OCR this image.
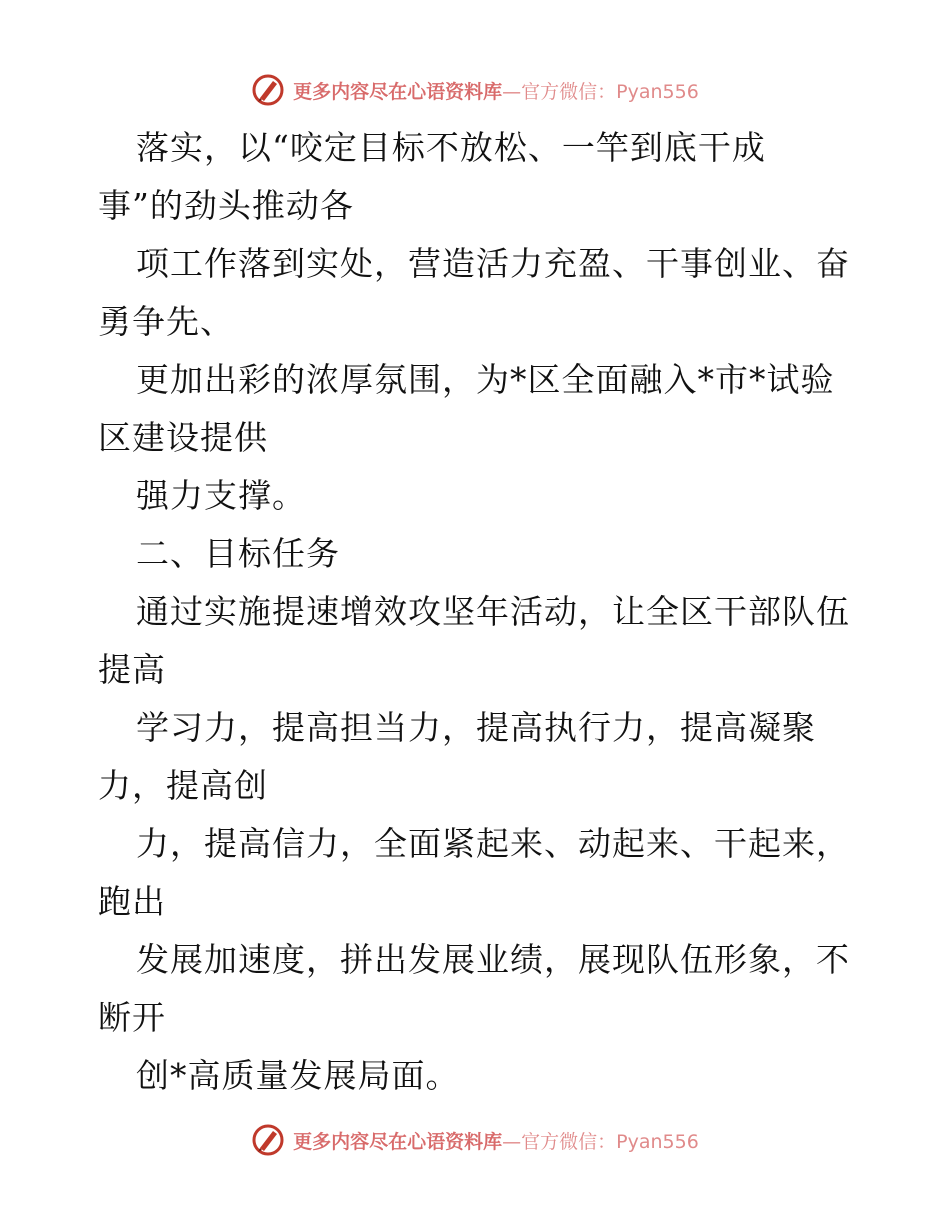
更多内容尽在心语资料库—官方微信：Pyan556
落实，以“咬定目标不放松、一竿到底干成
事”的劲头推动各
项工作落到实处，营造活力充盈、干事创业、奋
勇争先、
更加出彩的浓厚氛围，为*区全面融入*市*试验
区建设提供
强力支撑。
二、目标任务
通过实施提速增效攻坚年活动，让全区干部队伍
提高
学习力，提高担当力，提高执行力，提高凝聚
力，提高创
力，提高信力，全面紧起来、动起来、干起来，
跑出
发展加速度，拼出发展业绩，展现队伍形象，不
断开
创*高质量发展局面。
更多内容尽在心语资料库—官方微信：Pyan556
